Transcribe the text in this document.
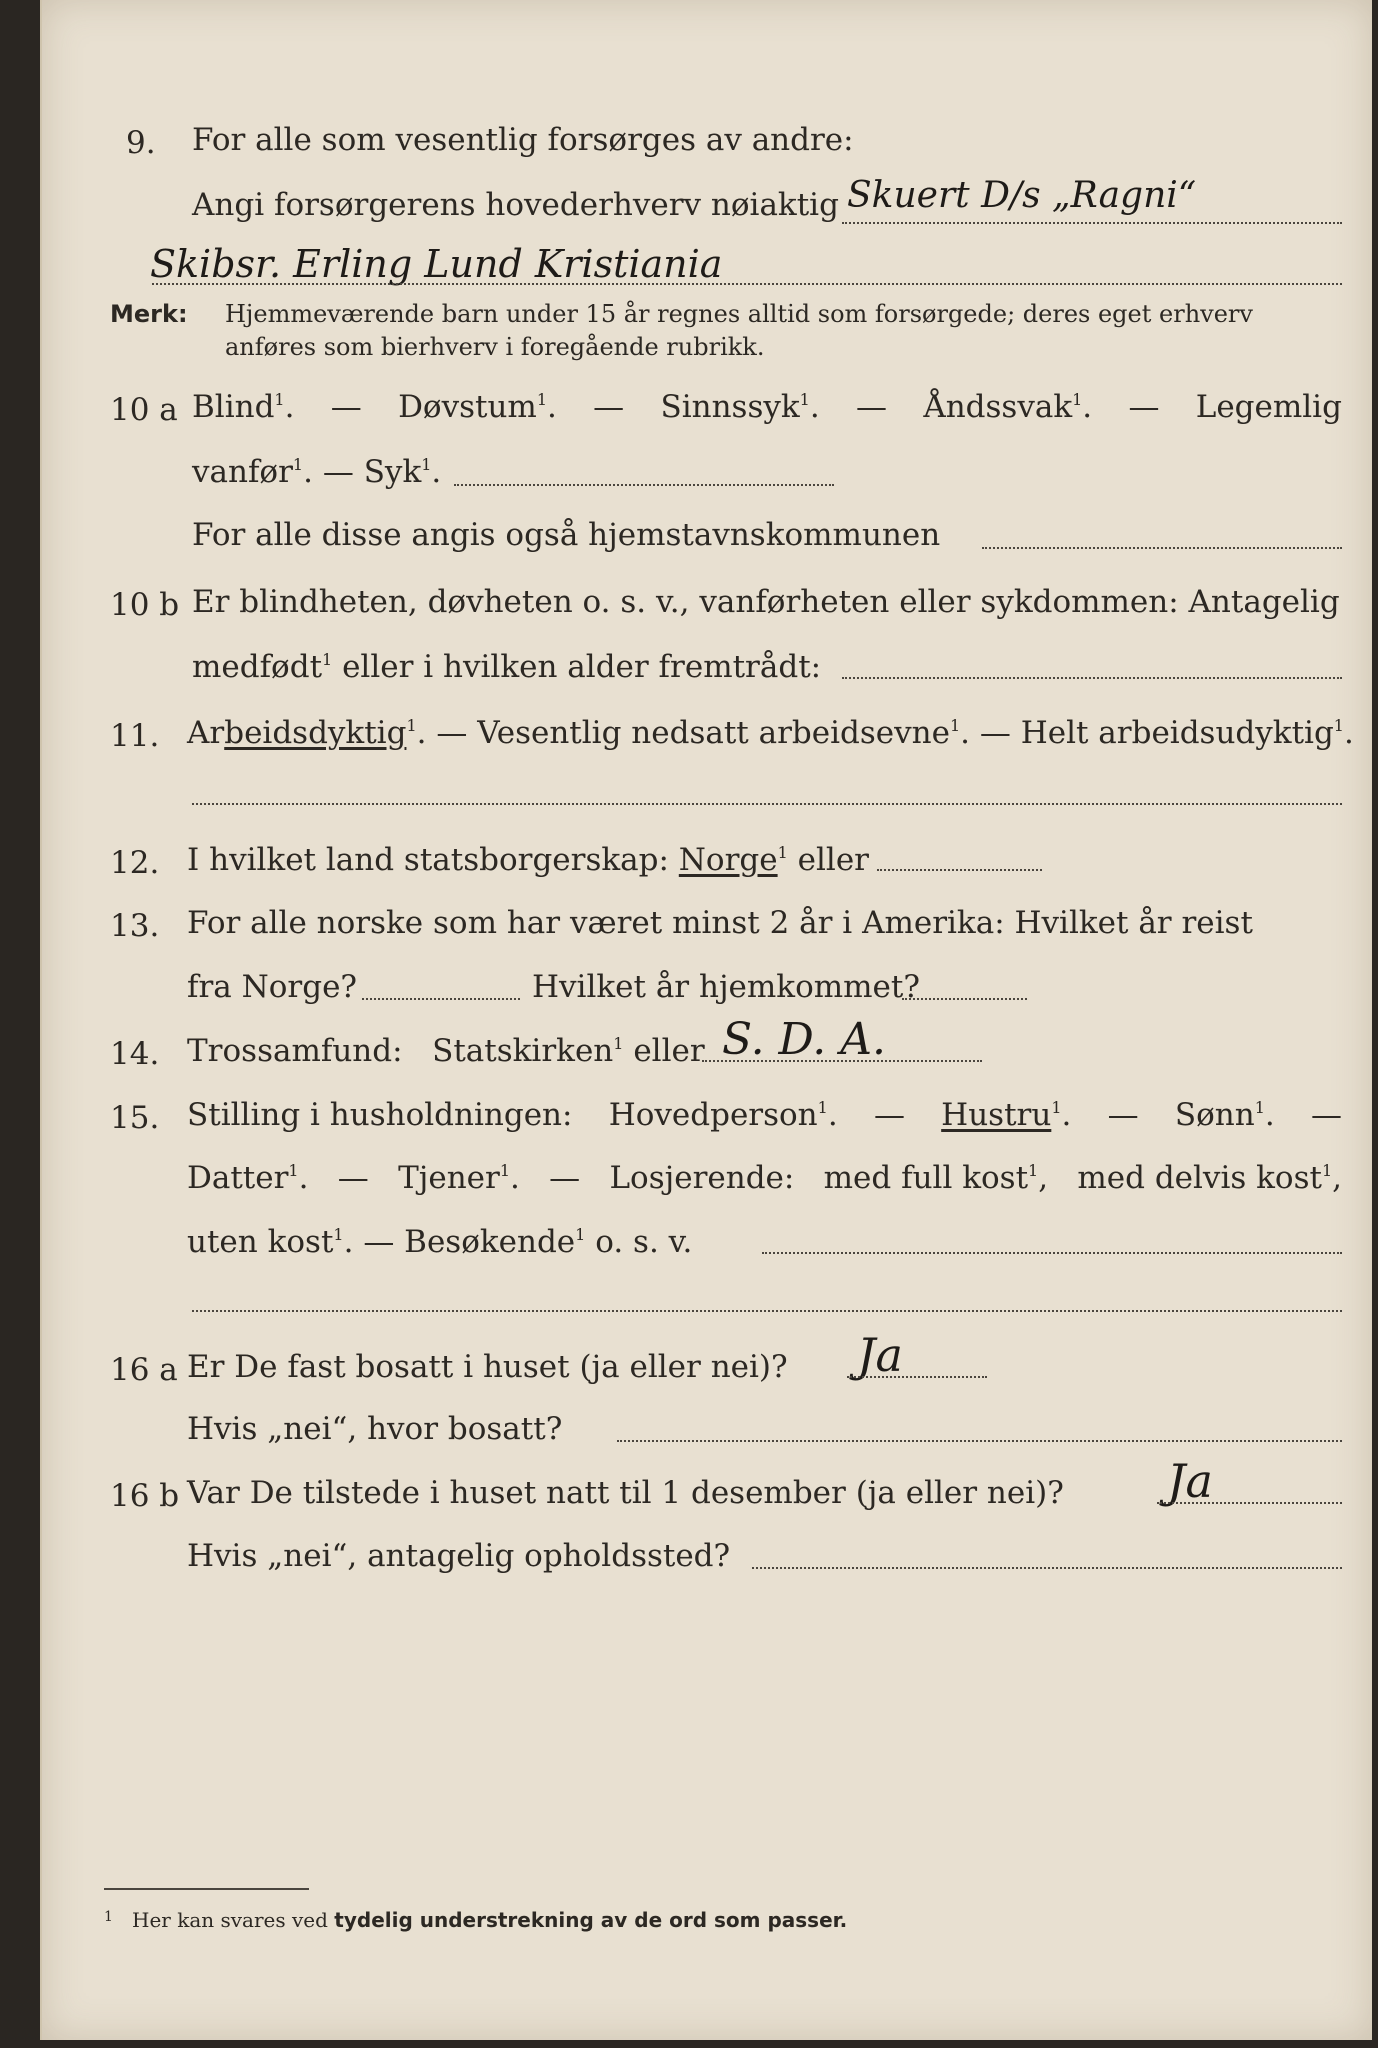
9. For alle som vesentlig forsørges av andre:
Angi forsørgerens hovederhverv nøiaktig Skuert D/s „Ragni“
Skibsr. Erling Lund Kristiania
Merk: Hjemmeværende barn under 15 år regnes alltid som forsørgede; deres eget erhverv
anføres som bierhverv i foregående rubrikk.
10 a Blind$^1$. — Døvstum$^1$. — Sinnssyk$^1$. — Åndssvak$^1$. — Legemlig
vanfør$^1$. — Syk$^1$.
For alle disse angis også hjemstavnskommunen
10 b Er blindheten, døvheten o. s. v., vanførheten eller sykdommen: Antagelig
medfødt$^1$ eller i hvilken alder fremtrådt:
11. Arbeidsdyktig$^1$. — Vesentlig nedsatt arbeidsevne$^1$. — Helt arbeidsudyktig$^1$.
12. I hvilket land statsborgerskap: Norge$^1$ eller
13. For alle norske som har været minst 2 år i Amerika: Hvilket år reist
fra Norge?	Hvilket år hjemkommet?
14. Trossamfund: Statskirken$^1$ eller S. D. A.
15. Stilling i husholdningen: Hovedperson$^1$. — Hustru$^1$. — Sønn$^1$. —
Datter$^1$. — Tjener$^1$. — Losjerende: med full kost$^1$, med delvis kost$^1$,
uten kost$^1$. — Besøkende$^1$ o. s. v.
16 a Er De fast bosatt i huset (ja eller nei)? Ja
Hvis „nei“, hvor bosatt?
16 b Var De tilstede i huset natt til 1 desember (ja eller nei)? Ja
Hvis „nei“, antagelig opholdssted?
$^1$ Her kan svares ved tydelig understrekning av de ord som passer.
